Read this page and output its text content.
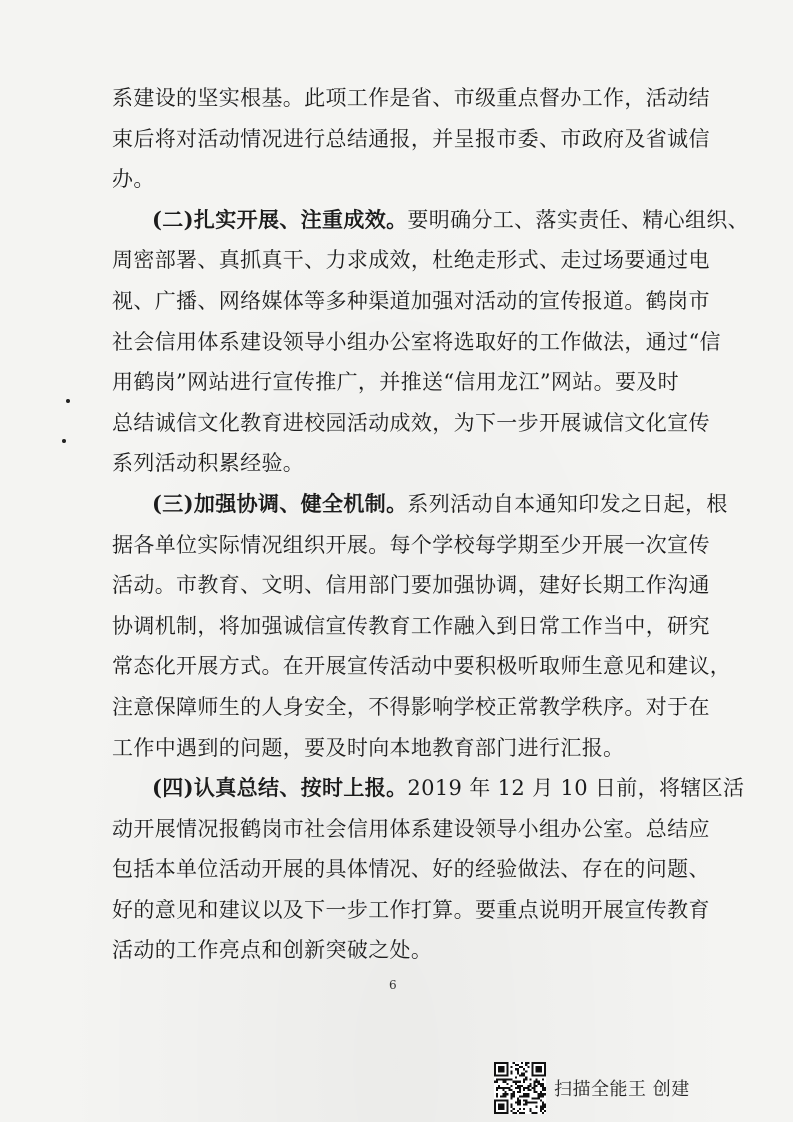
系建设的坚实根基。此项工作是省、市级重点督办工作，活动结
束后将对活动情况进行总结通报，并呈报市委、市政府及省诚信
办。
(二)扎实开展、注重成效。要明确分工、落实责任、精心组织、
周密部署、真抓真干、力求成效，杜绝走形式、走过场要通过电
视、广播、网络媒体等多种渠道加强对活动的宣传报道。鹤岗市
社会信用体系建设领导小组办公室将选取好的工作做法，通过“信
用鹤岗”网站进行宣传推广，并推送“信用龙江”网站。要及时
总结诚信文化教育进校园活动成效，为下一步开展诚信文化宣传
系列活动积累经验。
(三)加强协调、健全机制。系列活动自本通知印发之日起，根
据各单位实际情况组织开展。每个学校每学期至少开展一次宣传
活动。市教育、文明、信用部门要加强协调，建好长期工作沟通
协调机制，将加强诚信宣传教育工作融入到日常工作当中，研究
常态化开展方式。在开展宣传活动中要积极听取师生意见和建议，
注意保障师生的人身安全，不得影响学校正常教学秩序。对于在
工作中遇到的问题，要及时向本地教育部门进行汇报。
(四)认真总结、按时上报。2019 年 12 月 10 日前，将辖区活
动开展情况报鹤岗市社会信用体系建设领导小组办公室。总结应
包括本单位活动开展的具体情况、好的经验做法、存在的问题、
好的意见和建议以及下一步工作打算。要重点说明开展宣传教育
活动的工作亮点和创新突破之处。
6
扫描全能王 创建
